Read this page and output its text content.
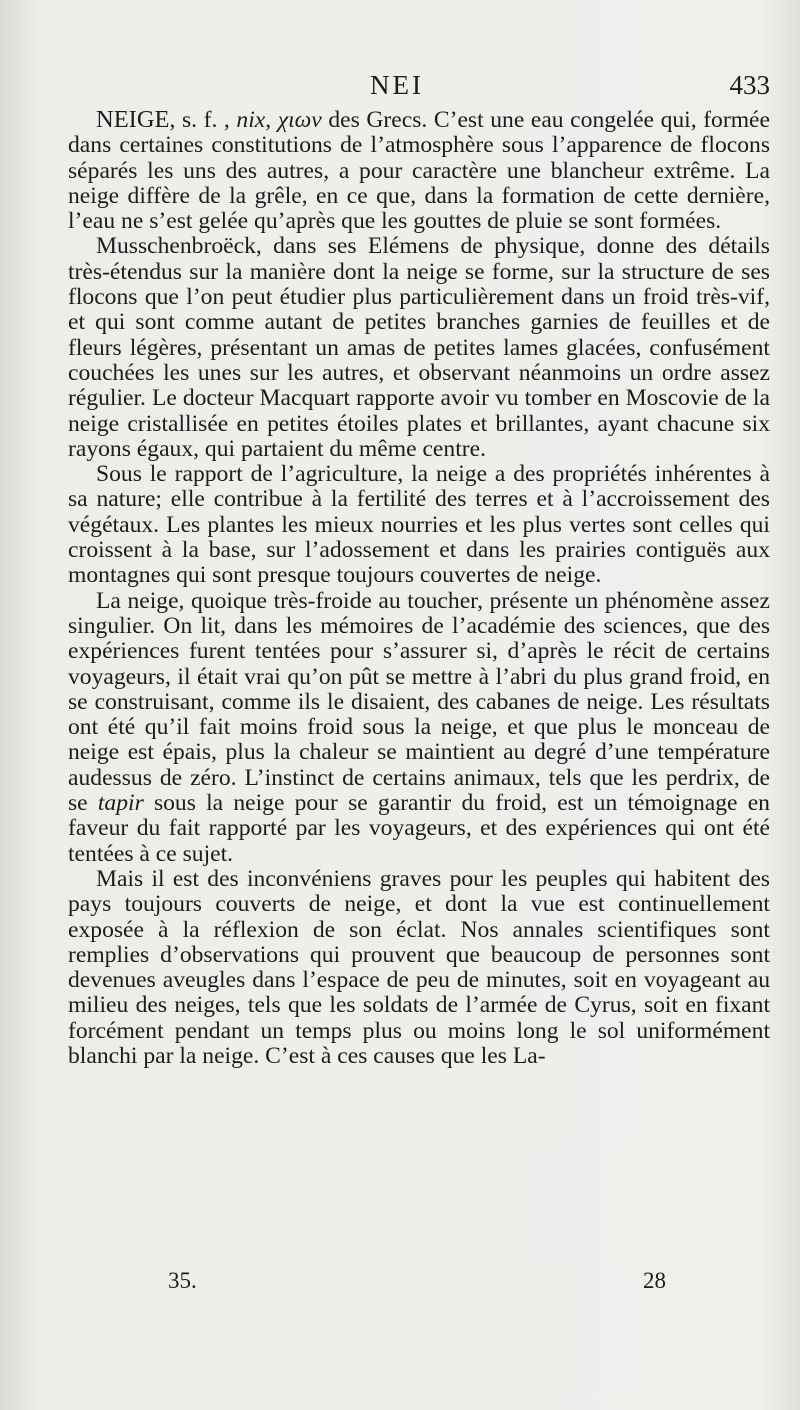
NEI	433

NEIGE, s. f. , nix, χιων des Grecs. C’est une eau congelée qui, formée dans certaines constitutions de l’atmosphère sous l’apparence de flocons séparés les uns des autres, a pour caractère une blancheur extrême. La neige diffère de la grêle, en ce que, dans la formation de cette dernière, l’eau ne s’est gelée qu’après que les gouttes de pluie se sont formées.

Musschenbroëck, dans ses Elémens de physique, donne des détails très-étendus sur la manière dont la neige se forme, sur la structure de ses flocons que l’on peut étudier plus particulièrement dans un froid très-vif, et qui sont comme autant de petites branches garnies de feuilles et de fleurs légères, présentant un amas de petites lames glacées, confusément couchées les unes sur les autres, et observant néanmoins un ordre assez régulier. Le docteur Macquart rapporte avoir vu tomber en Moscovie de la neige cristallisée en petites étoiles plates et brillantes, ayant chacune six rayons égaux, qui partaient du même centre.

Sous le rapport de l’agriculture, la neige a des propriétés inhérentes à sa nature; elle contribue à la fertilité des terres et à l’accroissement des végétaux. Les plantes les mieux nourries et les plus vertes sont celles qui croissent à la base, sur l’adossement et dans les prairies contiguës aux montagnes qui sont presque toujours couvertes de neige.

La neige, quoique très-froide au toucher, présente un phénomène assez singulier. On lit, dans les mémoires de l’académie des sciences, que des expériences furent tentées pour s’assurer si, d’après le récit de certains voyageurs, il était vrai qu’on pût se mettre à l’abri du plus grand froid, en se construisant, comme ils le disaient, des cabanes de neige. Les résultats ont été qu’il fait moins froid sous la neige, et que plus le monceau de neige est épais, plus la chaleur se maintient au degré d’une température audessus de zéro. L’instinct de certains animaux, tels que les perdrix, de se tapir sous la neige pour se garantir du froid, est un témoignage en faveur du fait rapporté par les voyageurs, et des expériences qui ont été tentées à ce sujet.

Mais il est des inconvéniens graves pour les peuples qui habitent des pays toujours couverts de neige, et dont la vue est continuellement exposée à la réflexion de son éclat. Nos annales scientifiques sont remplies d’observations qui prouvent que beaucoup de personnes sont devenues aveugles dans l’espace de peu de minutes, soit en voyageant au milieu des neiges, tels que les soldats de l’armée de Cyrus, soit en fixant forcément pendant un temps plus ou moins long le sol uniformément blanchi par la neige. C’est à ces causes que les La-

35.	28
